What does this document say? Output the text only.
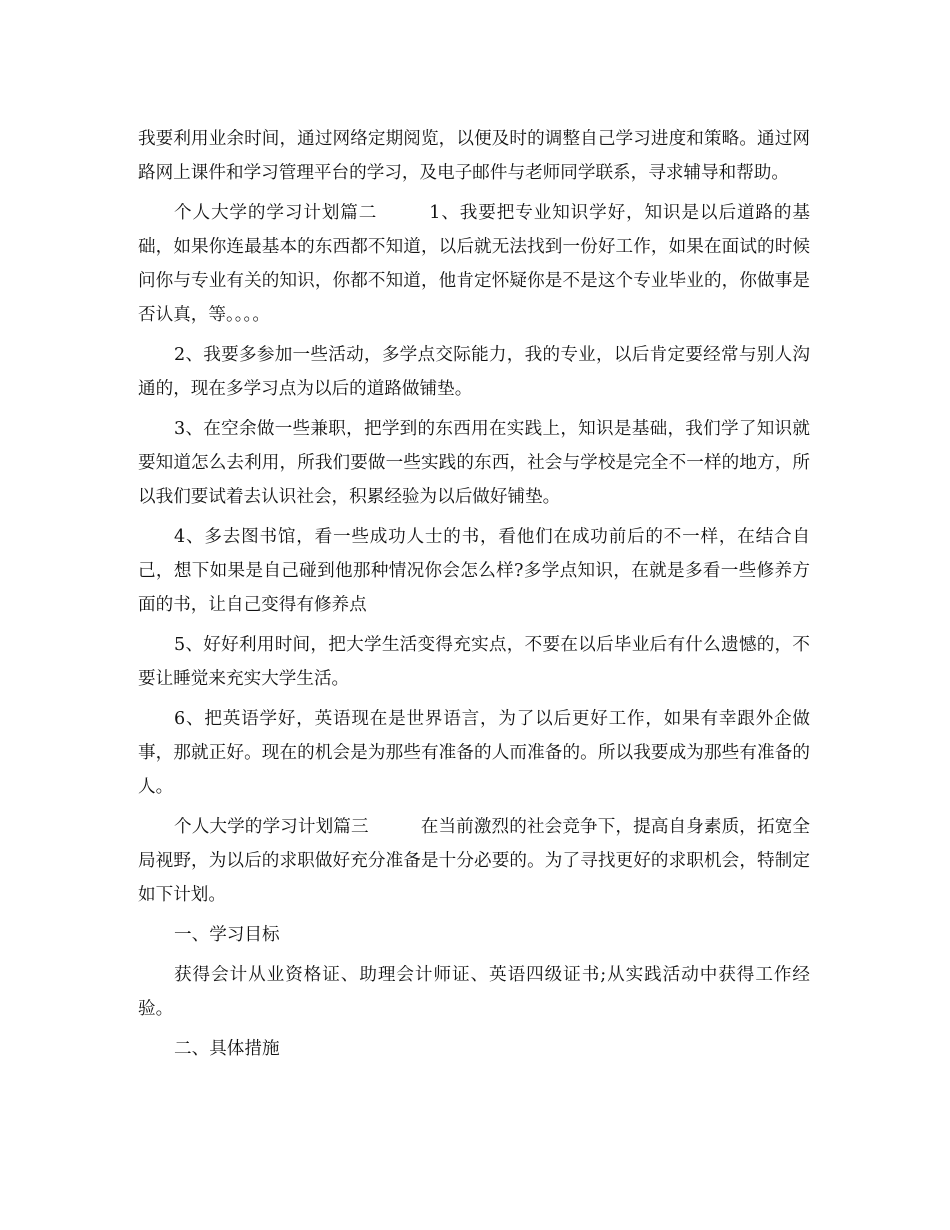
我要利用业余时间，通过网络定期阅览，以便及时的调整自己学习进度和策略。通过网路网上课件和学习管理平台的学习，及电子邮件与老师同学联系，寻求辅导和帮助。

个人大学的学习计划篇二	1、我要把专业知识学好，知识是以后道路的基础，如果你连最基本的东西都不知道，以后就无法找到一份好工作，如果在面试的时候问你与专业有关的知识，你都不知道，他肯定怀疑你是不是这个专业毕业的，你做事是否认真，等。。。。

2、我要多参加一些活动，多学点交际能力，我的专业，以后肯定要经常与别人沟通的，现在多学习点为以后的道路做铺垫。

3、在空余做一些兼职，把学到的东西用在实践上，知识是基础，我们学了知识就要知道怎么去利用，所我们要做一些实践的东西，社会与学校是完全不一样的地方，所以我们要试着去认识社会，积累经验为以后做好铺垫。

4、多去图书馆，看一些成功人士的书，看他们在成功前后的不一样，在结合自己，想下如果是自己碰到他那种情况你会怎么样?多学点知识，在就是多看一些修养方面的书，让自己变得有修养点

5、好好利用时间，把大学生活变得充实点，不要在以后毕业后有什么遗憾的，不要让睡觉来充实大学生活。

6、把英语学好，英语现在是世界语言，为了以后更好工作，如果有幸跟外企做事，那就正好。现在的机会是为那些有准备的人而准备的。所以我要成为那些有准备的人。

个人大学的学习计划篇三	在当前激烈的社会竞争下，提高自身素质，拓宽全局视野，为以后的求职做好充分准备是十分必要的。为了寻找更好的求职机会，特制定如下计划。

一、学习目标

获得会计从业资格证、助理会计师证、英语四级证书;从实践活动中获得工作经验。

二、具体措施
